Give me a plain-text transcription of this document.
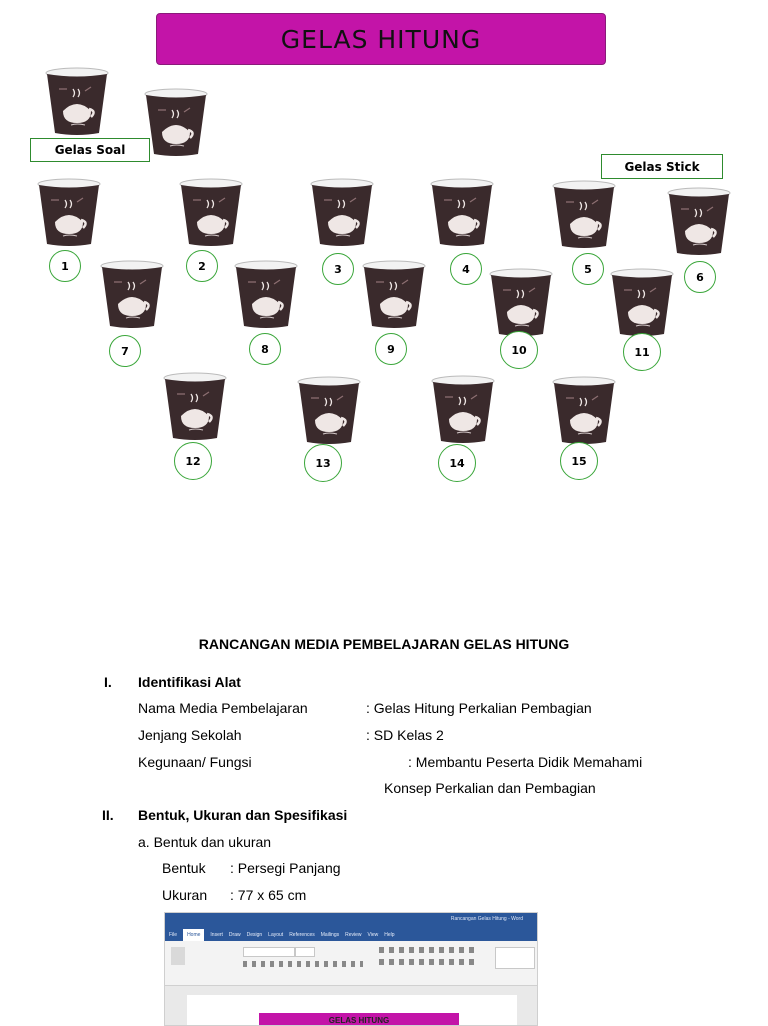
GELAS HITUNG
Gelas Soal
Gelas Stick
1	2	3	4	5
6
7	8	9	10	11
12	13	14	15
RANCANGAN MEDIA PEMBELAJARAN GELAS HITUNG
I. Identifikasi Alat
Nama Media Pembelajaran	: Gelas Hitung Perkalian Pembagian
Jenjang Sekolah	: SD Kelas 2
Kegunaan/ Fungsi	: Membantu Peserta Didik Memahami
Konsep Perkalian dan Pembagian
II. Bentuk, Ukuran dan Spesifikasi
a. Bentuk dan ukuran
Bentuk : Persegi Panjang
Ukuran : 77 x 65 cm
Rancangan Gelas Hitung - Word
File	Home	Insert Draw Design Layout References Mailings Review View Help
GELAS HITUNG
